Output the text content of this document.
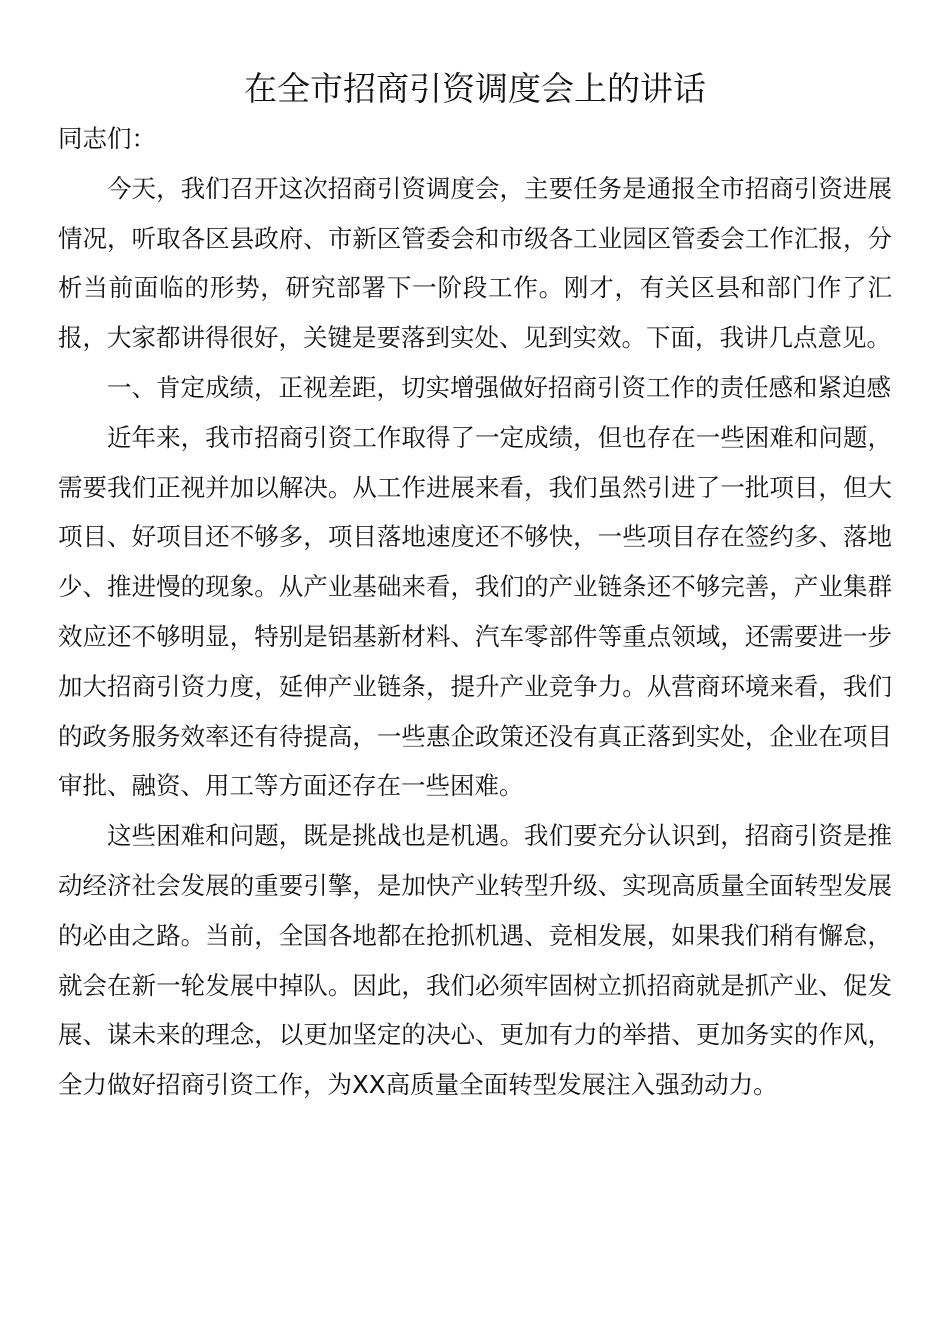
在全市招商引资调度会上的讲话

同志们：

今天，我们召开这次招商引资调度会，主要任务是通报全市招商引资进展情况，听取各区县政府、市新区管委会和市级各工业园区管委会工作汇报，分析当前面临的形势，研究部署下一阶段工作。刚才，有关区县和部门作了汇报，大家都讲得很好，关键是要落到实处、见到实效。下面，我讲几点意见。

一、肯定成绩，正视差距，切实增强做好招商引资工作的责任感和紧迫感

近年来，我市招商引资工作取得了一定成绩，但也存在一些困难和问题，需要我们正视并加以解决。从工作进展来看，我们虽然引进了一批项目，但大项目、好项目还不够多，项目落地速度还不够快，一些项目存在签约多、落地少、推进慢的现象。从产业基础来看，我们的产业链条还不够完善，产业集群效应还不够明显，特别是铝基新材料、汽车零部件等重点领域，还需要进一步加大招商引资力度，延伸产业链条，提升产业竞争力。从营商环境来看，我们的政务服务效率还有待提高，一些惠企政策还没有真正落到实处，企业在项目审批、融资、用工等方面还存在一些困难。

这些困难和问题，既是挑战也是机遇。我们要充分认识到，招商引资是推动经济社会发展的重要引擎，是加快产业转型升级、实现高质量全面转型发展的必由之路。当前，全国各地都在抢抓机遇、竞相发展，如果我们稍有懈怠，就会在新一轮发展中掉队。因此，我们必须牢固树立抓招商就是抓产业、促发展、谋未来的理念，以更加坚定的决心、更加有力的举措、更加务实的作风，全力做好招商引资工作，为XX高质量全面转型发展注入强劲动力。
